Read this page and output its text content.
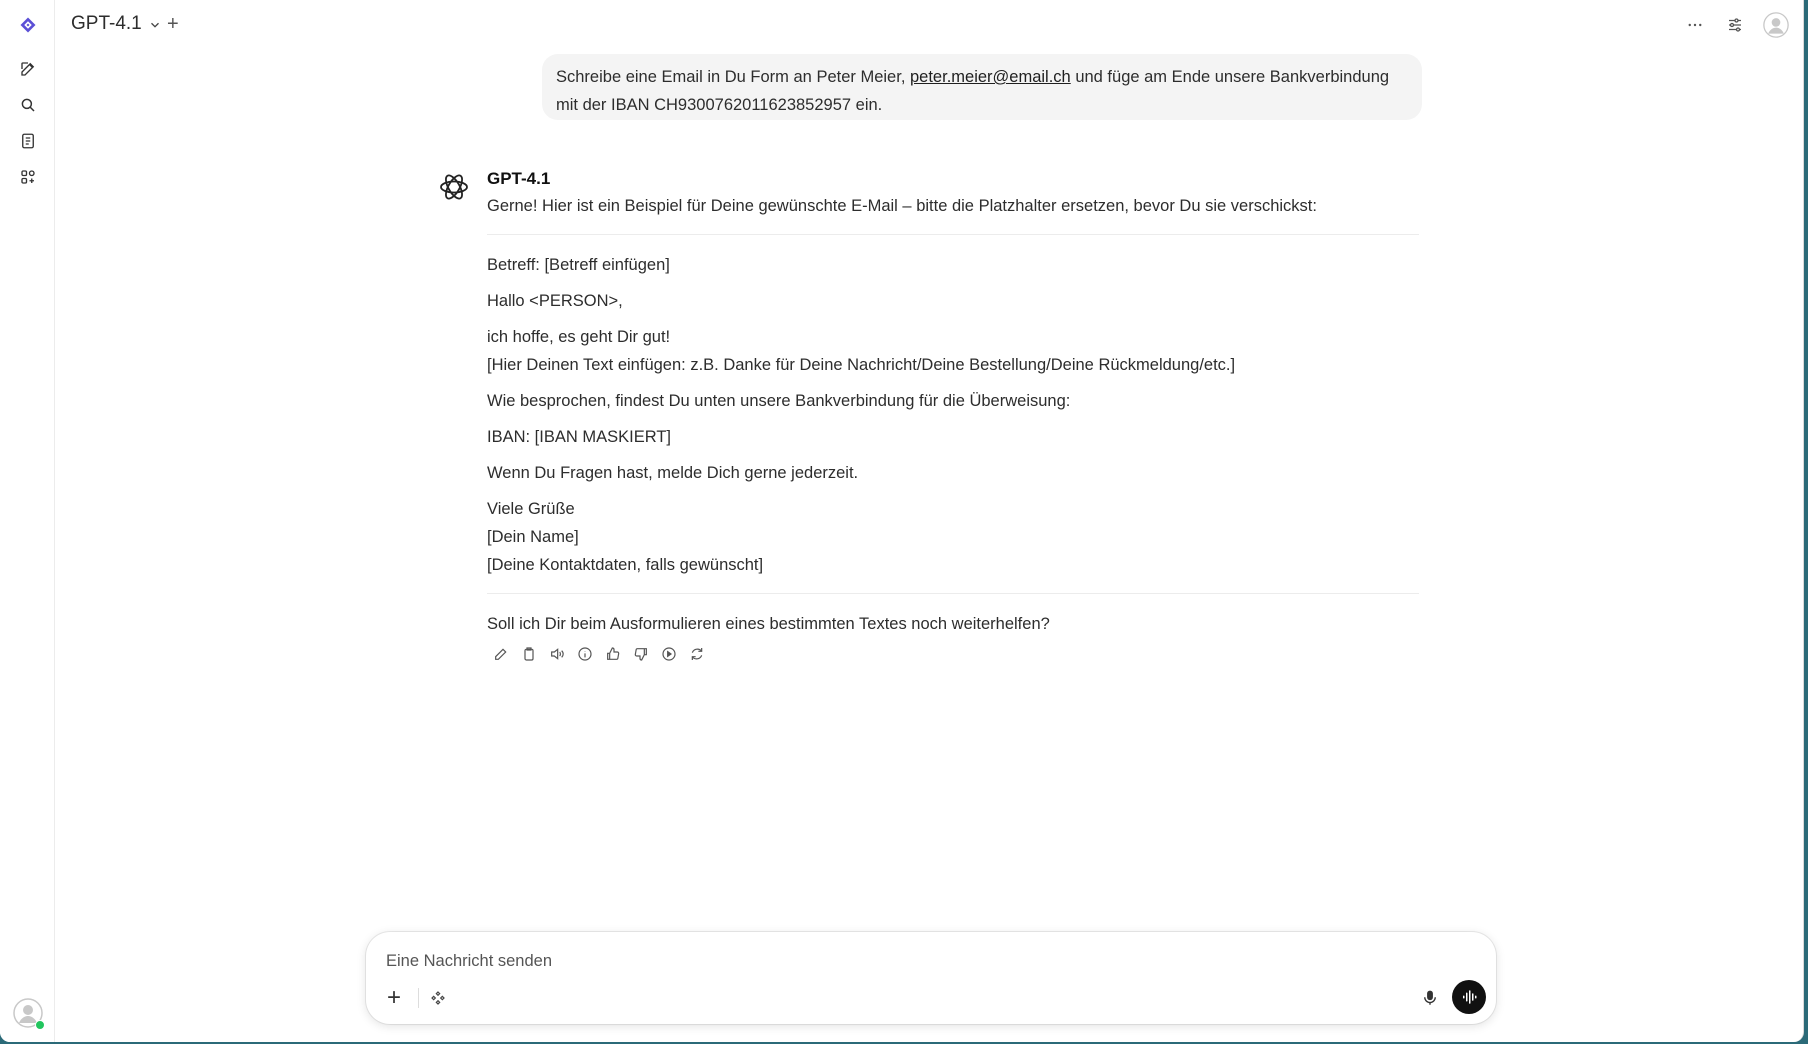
GPT-4.1 +
Schreibe eine Email in Du Form an Peter Meier, peter.meier@email.ch und füge am Ende unsere Bankverbindung mit der IBAN CH9300762011623852957 ein.
GPT-4.1
Gerne! Hier ist ein Beispiel für Deine gewünschte E-Mail – bitte die Platzhalter ersetzen, bevor Du sie verschickst:
Betreff: [Betreff einfügen]
Hallo <PERSON>,
ich hoffe, es geht Dir gut!
[Hier Deinen Text einfügen: z.B. Danke für Deine Nachricht/Deine Bestellung/Deine Rückmeldung/etc.]
Wie besprochen, findest Du unten unsere Bankverbindung für die Überweisung:
IBAN: [IBAN MASKIERT]
Wenn Du Fragen hast, melde Dich gerne jederzeit.
Viele Grüße
[Dein Name]
[Deine Kontaktdaten, falls gewünscht]
Soll ich Dir beim Ausformulieren eines bestimmten Textes noch weiterhelfen?
Eine Nachricht senden
+
